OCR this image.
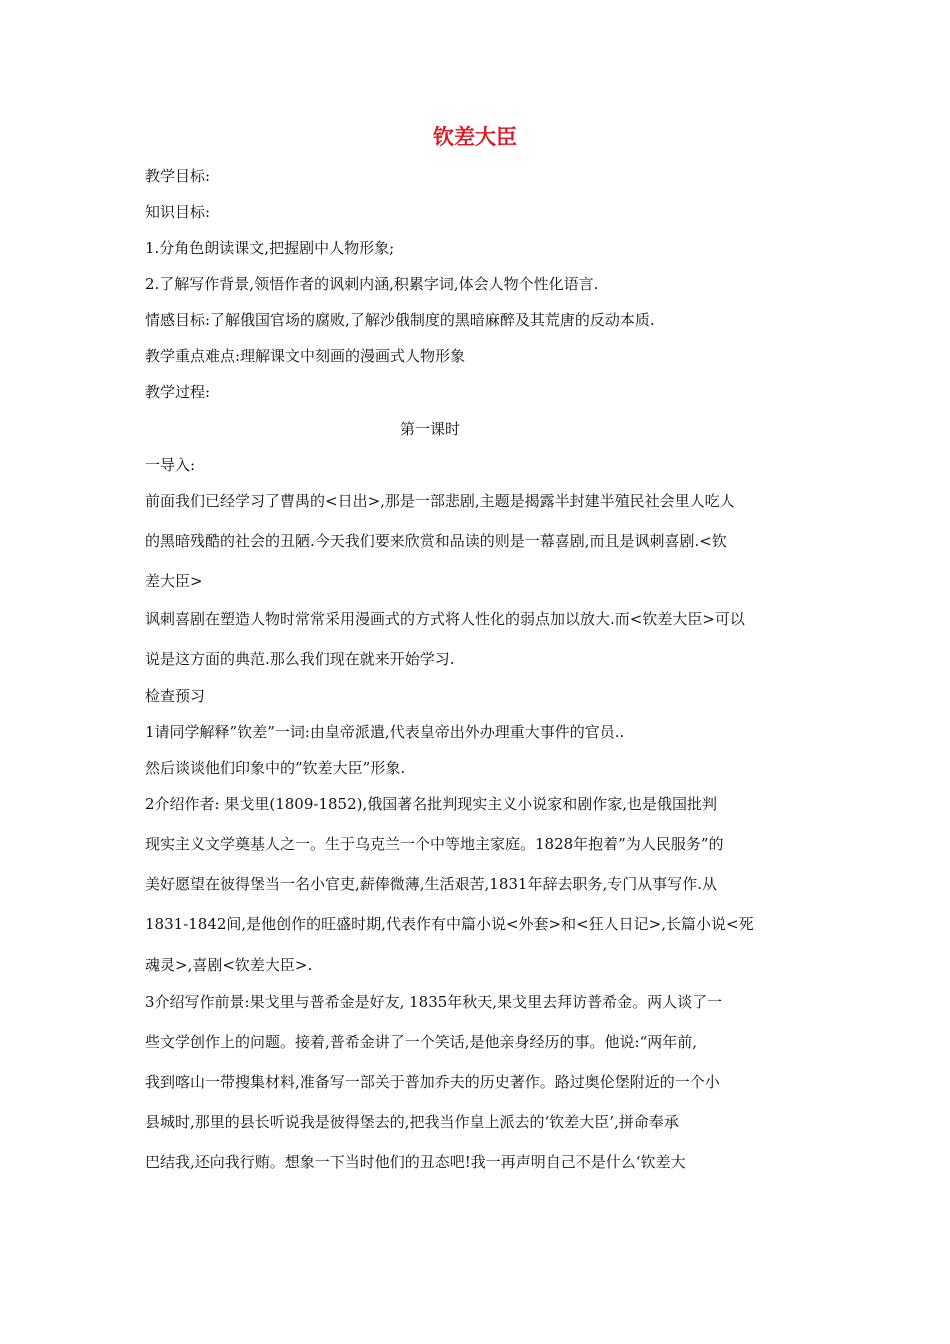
钦差大臣
教学目标:
知识目标:
1.分角色朗读课文,把握剧中人物形象;
2.了解写作背景,领悟作者的讽刺内涵,积累字词,体会人物个性化语言.
情感目标:了解俄国官场的腐败,了解沙俄制度的黑暗麻醉及其荒唐的反动本质.
教学重点难点:理解课文中刻画的漫画式人物形象
教学过程:
第一课时
一导入:
前面我们已经学习了曹禺的<日出>,那是一部悲剧,主题是揭露半封建半殖民社会里人吃人
的黑暗残酷的社会的丑陋.今天我们要来欣赏和品读的则是一幕喜剧,而且是讽刺喜剧.<钦
差大臣>
讽刺喜剧在塑造人物时常常采用漫画式的方式将人性化的弱点加以放大.而<钦差大臣>可以
说是这方面的典范.那么我们现在就来开始学习.
检查预习
1请同学解释”钦差”一词:由皇帝派遣,代表皇帝出外办理重大事件的官员..
然后谈谈他们印象中的”钦差大臣”形象.
2介绍作者: 果戈里(1809-1852),俄国著名批判现实主义小说家和剧作家,也是俄国批判
现实主义文学奠基人之一。生于乌克兰一个中等地主家庭。1828年抱着”为人民服务”的
美好愿望在彼得堡当一名小官吏,薪俸微薄,生活艰苦,1831年辞去职务,专门从事写作.从
1831-1842间,是他创作的旺盛时期,代表作有中篇小说<外套>和<狂人日记>,长篇小说<死
魂灵>,喜剧<钦差大臣>.
3介绍写作前景:果戈里与普希金是好友, 1835年秋天,果戈里去拜访普希金。两人谈了一
些文学创作上的问题。接着,普希金讲了一个笑话,是他亲身经历的事。他说:“两年前,
我到喀山一带搜集材料,准备写一部关于普加乔夫的历史著作。路过奥伦堡附近的一个小
县城时,那里的县长听说我是彼得堡去的,把我当作皇上派去的‘钦差大臣’,拼命奉承
巴结我,还向我行贿。想象一下当时他们的丑态吧!我一再声明自己不是什么‘钦差大
